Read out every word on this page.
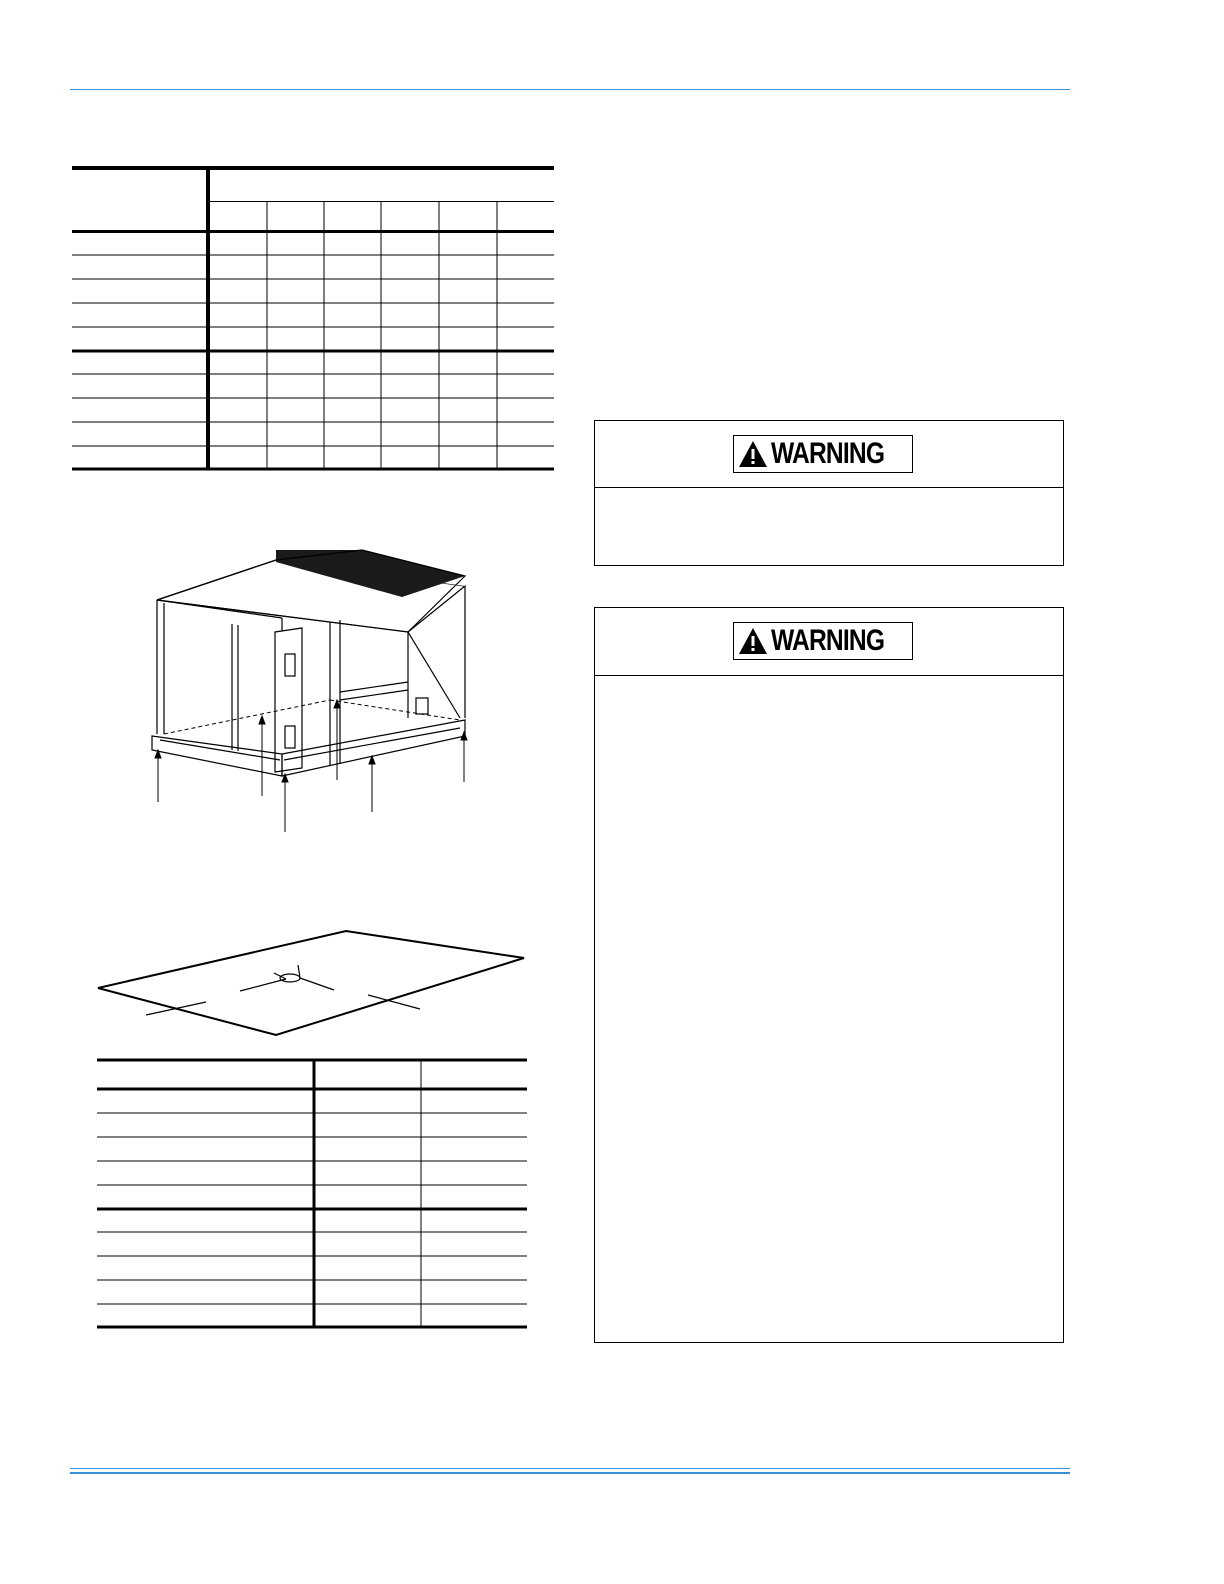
WARNING
WARNING
